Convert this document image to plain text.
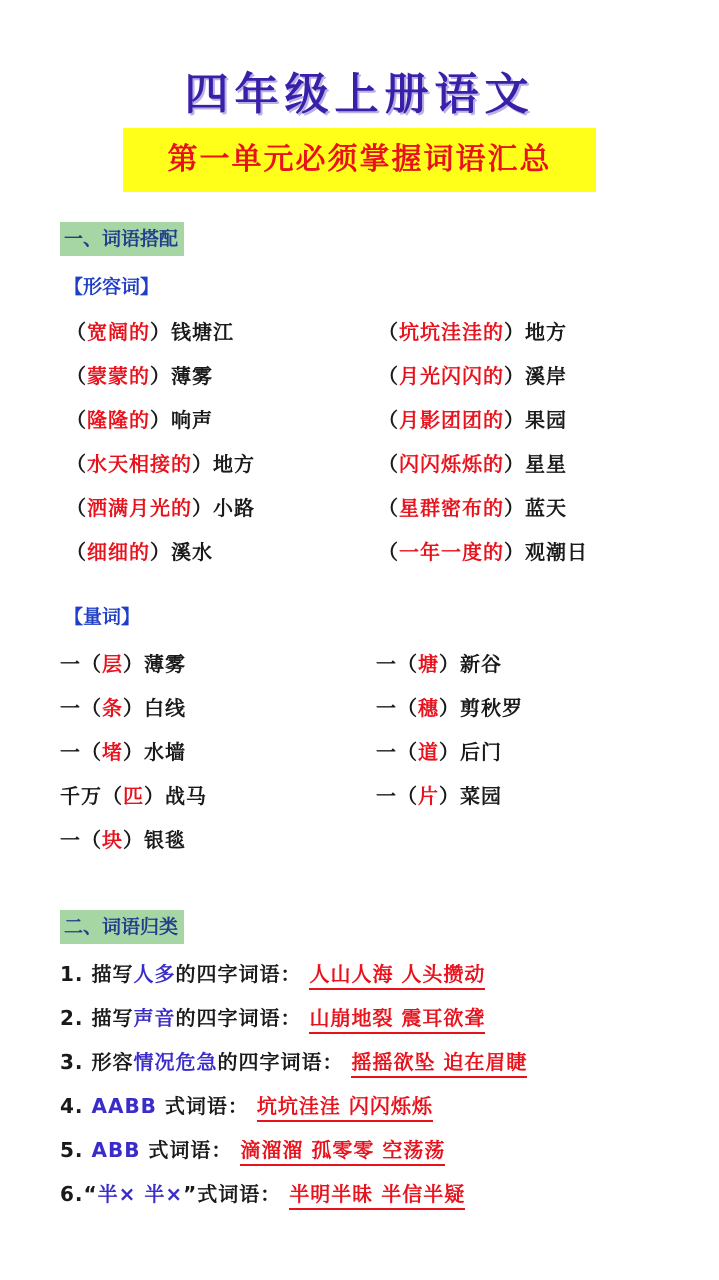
四年级上册语文
第一单元必须掌握词语汇总
一、词语搭配
【形容词】
（宽阔的）钱塘江
（蒙蒙的）薄雾
（隆隆的）响声
（水天相接的）地方
（洒满月光的）小路
（细细的）溪水
（坑坑洼洼的）地方
（月光闪闪的）溪岸
（月影团团的）果园
（闪闪烁烁的）星星
（星群密布的）蓝天
（一年一度的）观潮日
【量词】
一（层）薄雾
一（条）白线
一（堵）水墙
千万（匹）战马
一（块）银毯
一（塘）新谷
一（穗）剪秋罗
一（道）后门
一（片）菜园
二、词语归类
1. 描写人多的四字词语： 人山人海 人头攒动
2. 描写声音的四字词语： 山崩地裂 震耳欲聋
3. 形容情况危急的四字词语： 摇摇欲坠 迫在眉睫
4. AABB 式词语： 坑坑洼洼 闪闪烁烁
5. ABB 式词语： 滴溜溜 孤零零 空荡荡
6.“半× 半×”式词语： 半明半昧 半信半疑
